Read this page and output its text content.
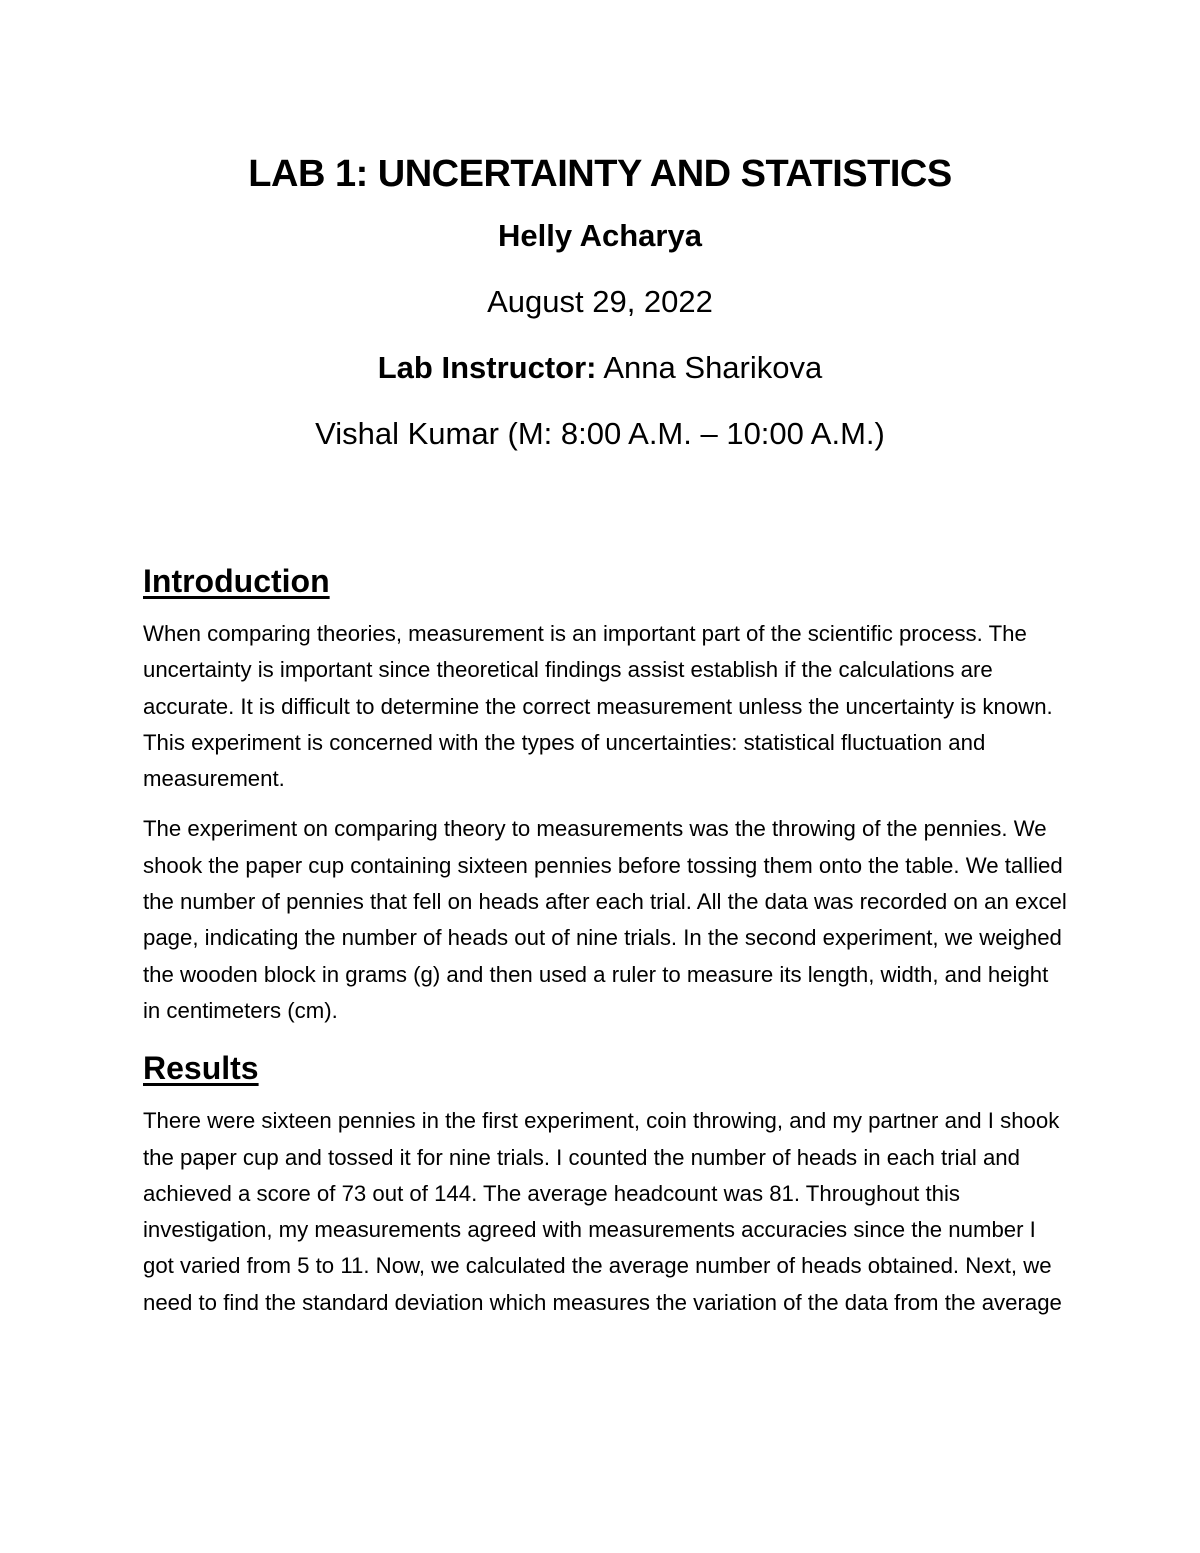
LAB 1: UNCERTAINTY AND STATISTICS

Helly Acharya

August 29, 2022

Lab Instructor: Anna Sharikova

Vishal Kumar (M: 8:00 A.M. – 10:00 A.M.)

Introduction

When comparing theories, measurement is an important part of the scientific process. The uncertainty is important since theoretical findings assist establish if the calculations are accurate. It is difficult to determine the correct measurement unless the uncertainty is known. This experiment is concerned with the types of uncertainties: statistical fluctuation and measurement.

The experiment on comparing theory to measurements was the throwing of the pennies. We shook the paper cup containing sixteen pennies before tossing them onto the table. We tallied the number of pennies that fell on heads after each trial. All the data was recorded on an excel page, indicating the number of heads out of nine trials. In the second experiment, we weighed the wooden block in grams (g) and then used a ruler to measure its length, width, and height in centimeters (cm).

Results

There were sixteen pennies in the first experiment, coin throwing, and my partner and I shook the paper cup and tossed it for nine trials. I counted the number of heads in each trial and achieved a score of 73 out of 144. The average headcount was 81. Throughout this investigation, my measurements agreed with measurements accuracies since the number I got varied from 5 to 11. Now, we calculated the average number of heads obtained. Next, we need to find the standard deviation which measures the variation of the data from the average
